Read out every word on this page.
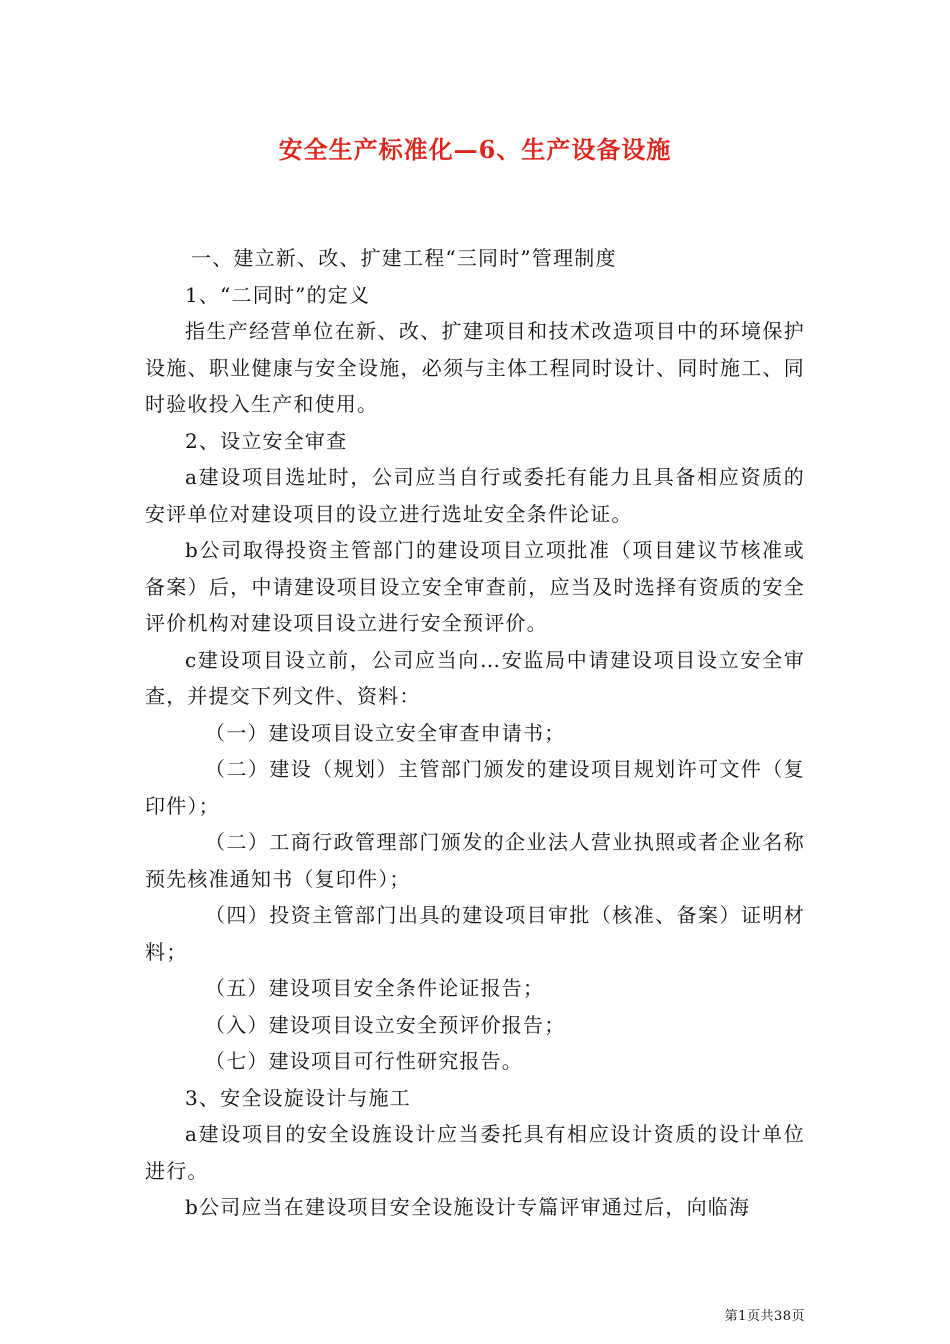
安全生产标准化—6、生产设备设施

一、建立新、改、扩建工程“三同时”管理制度

1、“二同时”的定义

指生产经营单位在新、改、扩建项目和技术改造项目中的环境保护设施、职业健康与安全设施，必须与主体工程同时设计、同时施工、同时验收投入生产和使用。

2、设立安全审查

a建设项目选址时，公司应当自行或委托有能力且具备相应资质的安评单位对建设项目的设立进行选址安全条件论证。

b公司取得投资主管部门的建设项目立项批准（项目建议节核准或备案）后，中请建设项目设立安全审查前，应当及时选择有资质的安全评价机构对建设项目设立进行安全预评价。

c建设项目设立前，公司应当向…安监局中请建设项目设立安全审查，并提交下列文件、资料：

（一）建设项目设立安全审查申请书；

（二）建设（规划）主管部门颁发的建设项目规划许可文件（复印件）；

（二）工商行政管理部门颁发的企业法人营业执照或者企业名称预先核准通知书（复印件）；

（四）投资主管部门出具的建设项目审批（核准、备案）证明材料；

（五）建设项目安全条件论证报告；

（入）建设项目设立安全预评价报告；

（七）建设项目可行性研究报告。

3、安全设旋设计与施工

a建设项目的安全设旌设计应当委托具有相应设计资质的设计单位进行。

b公司应当在建设项目安全设施设计专篇评审通过后，向临海

第1页共38页
